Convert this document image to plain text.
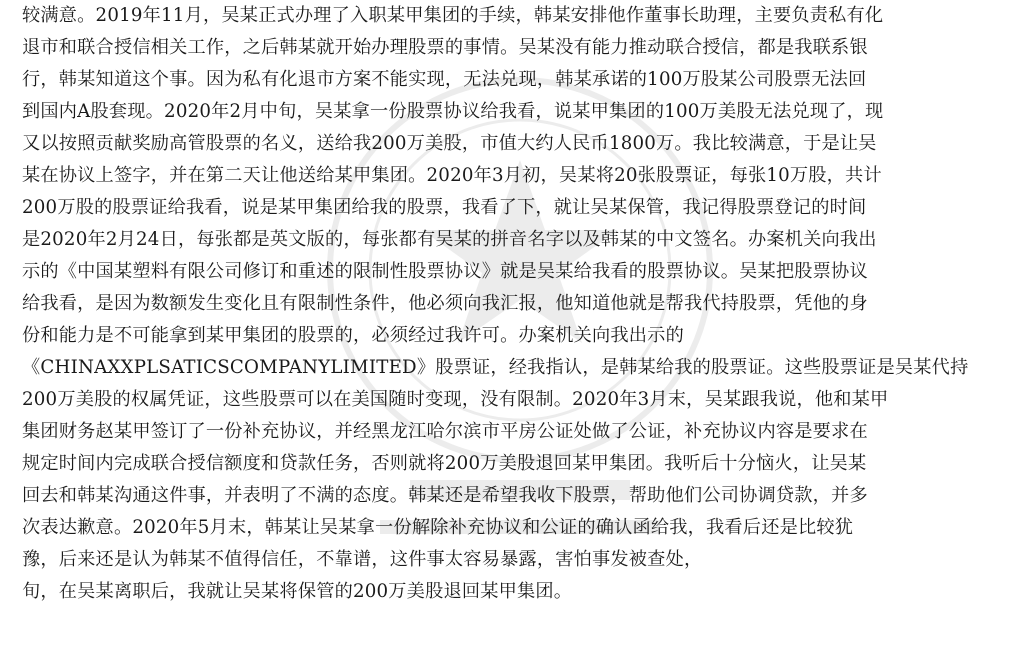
较满意。2019年11月，吴某正式办理了入职某甲集团的手续，韩某安排他作董事长助理，主要负责私有化
退市和联合授信相关工作，之后韩某就开始办理股票的事情。吴某没有能力推动联合授信，都是我联系银
行，韩某知道这个事。因为私有化退市方案不能实现，无法兑现，韩某承诺的100万股某公司股票无法回
到国内A股套现。2020年2月中旬，吴某拿一份股票协议给我看，说某甲集团的100万美股无法兑现了，现
又以按照贡献奖励高管股票的名义，送给我200万美股，市值大约人民币1800万。我比较满意，于是让吴
某在协议上签字，并在第二天让他送给某甲集团。2020年3月初，吴某将20张股票证，每张10万股，共计
200万股的股票证给我看，说是某甲集团给我的股票，我看了下，就让吴某保管，我记得股票登记的时间
是2020年2月24日，每张都是英文版的，每张都有吴某的拼音名字以及韩某的中文签名。办案机关向我出
示的《中国某塑料有限公司修订和重述的限制性股票协议》就是吴某给我看的股票协议。吴某把股票协议
给我看，是因为数额发生变化且有限制性条件，他必须向我汇报，他知道他就是帮我代持股票，凭他的身
份和能力是不可能拿到某甲集团的股票的，必须经过我许可。办案机关向我出示的
《CHINAXXPLSATICSCOMPANYLIMITED》股票证，经我指认，是韩某给我的股票证。这些股票证是吴某代持
200万美股的权属凭证，这些股票可以在美国随时变现，没有限制。2020年3月末，吴某跟我说，他和某甲
集团财务赵某甲签订了一份补充协议，并经黑龙江哈尔滨市平房公证处做了公证，补充协议内容是要求在
规定时间内完成联合授信额度和贷款任务，否则就将200万美股退回某甲集团。我听后十分恼火，让吴某
回去和韩某沟通这件事，并表明了不满的态度。韩某还是希望我收下股票，帮助他们公司协调贷款，并多
次表达歉意。2020年5月末，韩某让吴某拿一份解除补充协议和公证的确认函给我，我看后还是比较犹
豫，后来还是认为韩某不值得信任，不靠谱，这件事太容易暴露，害怕事发被查处，
旬，在吴某离职后，我就让吴某将保管的200万美股退回某甲集团。
